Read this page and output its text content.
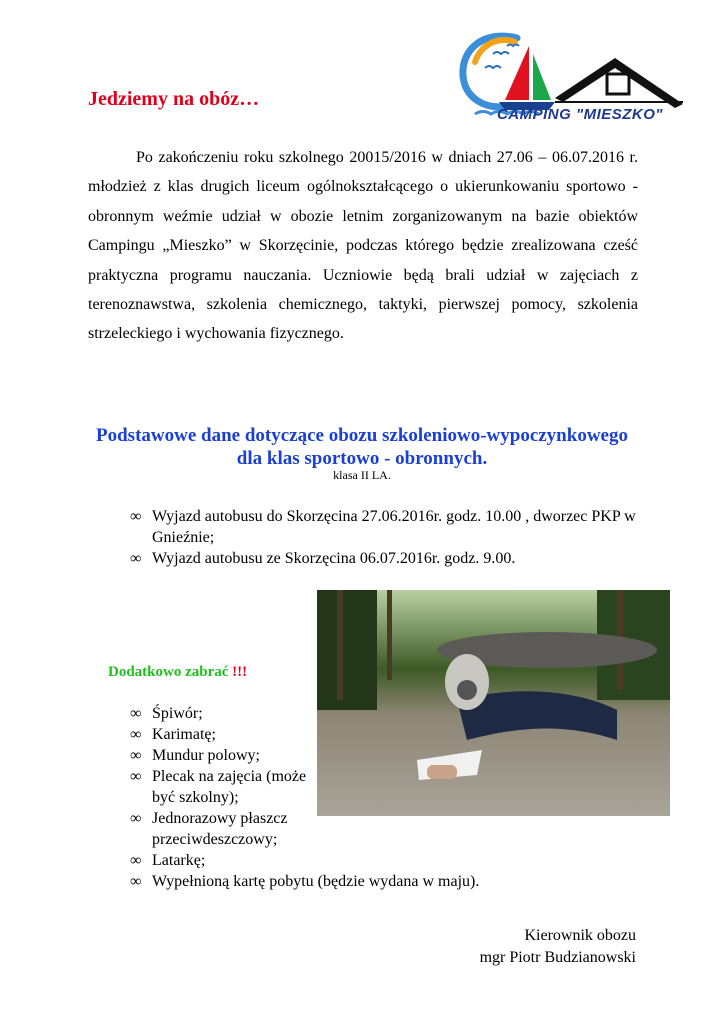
CAMPING "MIESZKO"
Jedziemy na obóz…

Po zakończeniu roku szkolnego 20015/2016 w dniach 27.06 – 06.07.2016 r. młodzież z klas drugich liceum ogólnokształcącego o ukierunkowaniu sportowo - obronnym weźmie udział w obozie letnim zorganizowanym na bazie obiektów Campingu „Mieszko” w Skorzęcinie, podczas którego będzie zrealizowana cześć praktyczna programu nauczania. Uczniowie będą brali udział w zajęciach z terenoznawstwa, szkolenia chemicznego, taktyki, pierwszej pomocy, szkolenia strzeleckiego i wychowania fizycznego.

Podstawowe dane dotyczące obozu szkoleniowo-wypoczynkowego
dla klas sportowo - obronnych.
klasa II LA.
∞ Wyjazd autobusu do Skorzęcina 27.06.2016r. godz. 10.00 , dworzec PKP w Gnieźnie;
∞ Wyjazd autobusu ze Skorzęcina 06.07.2016r. godz. 9.00.
Dodatkowo zabrać !!!
∞ Śpiwór;
∞ Karimatę;
∞ Mundur polowy;
∞ Plecak na zajęcia (może być szkolny);
∞ Jednorazowy płaszcz przeciwdeszczowy;
∞ Latarkę;
∞ Wypełnioną kartę pobytu (będzie wydana w maju).
Kierownik obozu
mgr Piotr Budzianowski
